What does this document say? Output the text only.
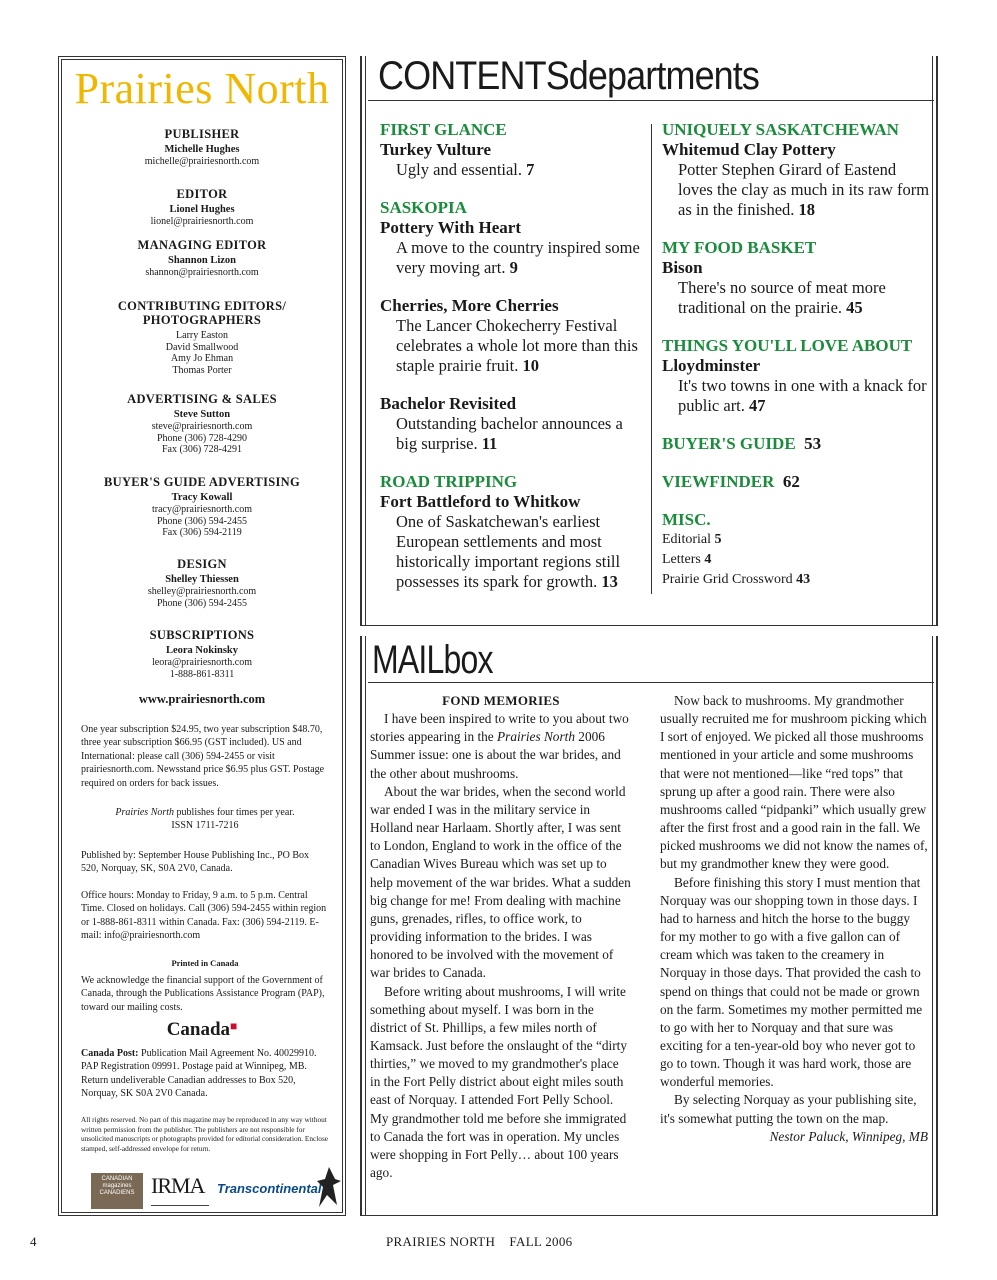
Prairies North
PUBLISHER
Michelle Hughes
michelle@prairiesnorth.com
EDITOR
Lionel Hughes
lionel@prairiesnorth.com
MANAGING EDITOR
Shannon Lizon
shannon@prairiesnorth.com
CONTRIBUTING EDITORS/
PHOTOGRAPHERS
Larry Easton
David Smallwood
Amy Jo Ehman
Thomas Porter
ADVERTISING & SALES
Steve Sutton
steve@prairiesnorth.com
Phone (306) 728-4290
Fax (306) 728-4291
BUYER'S GUIDE ADVERTISING
Tracy Kowall
tracy@prairiesnorth.com
Phone (306) 594-2455
Fax (306) 594-2119
DESIGN
Shelley Thiessen
shelley@prairiesnorth.com
Phone (306) 594-2455
SUBSCRIPTIONS
Leora Nokinsky
leora@prairiesnorth.com
1-888-861-8311
www.prairiesnorth.com
One year subscription $24.95, two year subscription $48.70, three year subscription $66.95 (GST included). US and International: please call (306) 594-2455 or visit prairiesnorth.com. Newsstand price $6.95 plus GST. Postage required on orders for back issues.
Prairies North publishes four times per year.
ISSN 1711-7216
Published by: September House Publishing Inc., PO Box 520, Norquay, SK, S0A 2V0, Canada.
Office hours: Monday to Friday, 9 a.m. to 5 p.m. Central Time. Closed on holidays. Call (306) 594-2455 within region or 1-888-861-8311 within Canada. Fax: (306) 594-2119. E-mail: info@prairiesnorth.com
Printed in Canada
We acknowledge the financial support of the Government of Canada, through the Publications Assistance Program (PAP), toward our mailing costs.
Canada■
Canada Post: Publication Mail Agreement No. 40029910. PAP Registration 09991. Postage paid at Winnipeg, MB. Return undeliverable Canadian addresses to Box 520, Norquay, SK S0A 2V0 Canada.
All rights reserved. No part of this magazine may be reproduced in any way without written permission from the publisher. The publishers are not responsible for unsolicited manuscripts or photographs provided for editorial consideration. Enclose stamped, self-addressed envelope for return.
CANADIAN magazines CANADIENS IRMA Transcontinental
CONTENTSdepartments
FIRST GLANCE
Turkey Vulture
Ugly and essential. 7
SASKOPIA
Pottery With Heart
A move to the country inspired some very moving art. 9
Cherries, More Cherries
The Lancer Chokecherry Festival celebrates a whole lot more than this staple prairie fruit. 10
Bachelor Revisited
Outstanding bachelor announces a big surprise. 11
ROAD TRIPPING
Fort Battleford to Whitkow
One of Saskatchewan's earliest European settlements and most historically important regions still possesses its spark for growth. 13
UNIQUELY SASKATCHEWAN
Whitemud Clay Pottery
Potter Stephen Girard of Eastend loves the clay as much in its raw form as in the finished. 18
MY FOOD BASKET
Bison
There's no source of meat more traditional on the prairie. 45
THINGS YOU'LL LOVE ABOUT Lloydminster
It's two towns in one with a knack for public art. 47
BUYER'S GUIDE 53
VIEWFINDER 62
MISC.
Editorial 5
Letters 4
Prairie Grid Crossword 43
MAILbox
FOND MEMORIES

I have been inspired to write to you about two stories appearing in the Prairies North 2006 Summer issue: one is about the war brides, and the other about mushrooms.

About the war brides, when the second world war ended I was in the military service in Holland near Harlaam. Shortly after, I was sent to London, England to work in the office of the Canadian Wives Bureau which was set up to help movement of the war brides. What a sudden big change for me! From dealing with machine guns, grenades, rifles, to office work, to providing information to the brides. I was honored to be involved with the movement of war brides to Canada.

Before writing about mushrooms, I will write something about myself. I was born in the district of St. Phillips, a few miles north of Kamsack. Just before the onslaught of the “dirty thirties,” we moved to my grandmother's place in the Fort Pelly district about eight miles south east of Norquay. I attended Fort Pelly School. My grandmother told me before she immigrated to Canada the fort was in operation. My uncles were shopping in Fort Pelly… about 100 years ago.

Now back to mushrooms. My grandmother usually recruited me for mushroom picking which I sort of enjoyed. We picked all those mushrooms mentioned in your article and some mushrooms that were not mentioned—like “red tops” that sprung up after a good rain. There were also mushrooms called “pidpanki” which usually grew after the first frost and a good rain in the fall. We picked mushrooms we did not know the names of, but my grandmother knew they were good.

Before finishing this story I must mention that Norquay was our shopping town in those days. I had to harness and hitch the horse to the buggy for my mother to go with a five gallon can of cream which was taken to the creamery in Norquay in those days. That provided the cash to spend on things that could not be made or grown on the farm. Sometimes my mother permitted me to go with her to Norquay and that sure was exciting for a ten-year-old boy who never got to go to town. Though it was hard work, those are wonderful memories.

By selecting Norquay as your publishing site, it's somewhat putting the town on the map.

Nestor Paluck, Winnipeg, MB
4	PRAIRIES NORTH    FALL 2006
